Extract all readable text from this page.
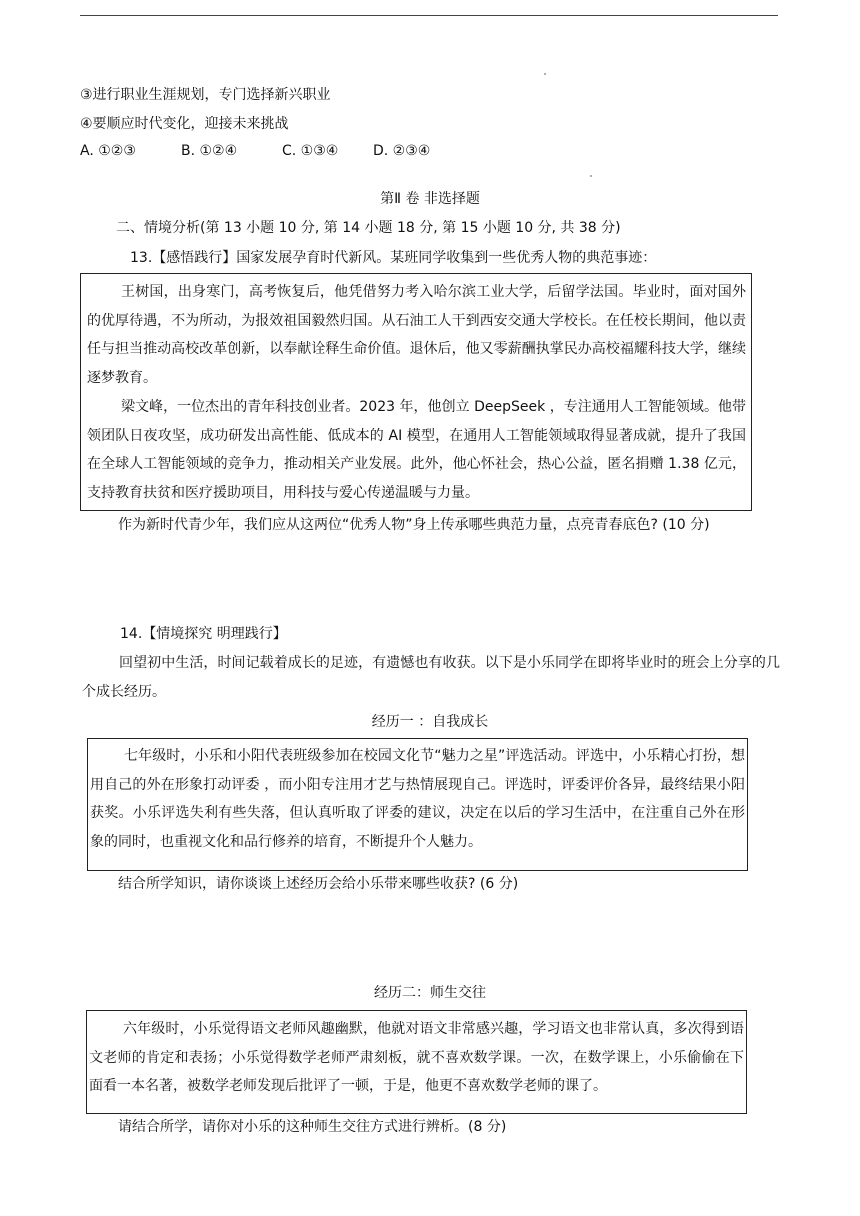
③进行职业生涯规划，专门选择新兴职业
④要顺应时代变化，迎接未来挑战
A. ①②③	B. ①②④	C. ①③④ D. ②③④
第Ⅱ 卷 非选择题
二、情境分析(第 13 小题 10 分, 第 14 小题 18 分, 第 15 小题 10 分, 共 38 分)
13.【感悟践行】国家发展孕育时代新风。某班同学收集到一些优秀人物的典范事迹：
王树国，出身寒门，高考恢复后，他凭借努力考入哈尔滨工业大学，后留学法国。毕业时，面对国外的优厚待遇，不为所动，为报效祖国毅然归国。从石油工人干到西安交通大学校长。在任校长期间，他以责任与担当推动高校改革创新，以奉献诠释生命价值。退休后，他又零薪酬执掌民办高校福耀科技大学，继续逐梦教育。
梁文峰，一位杰出的青年科技创业者。2023 年，他创立 DeepSeek ，专注通用人工智能领域。他带领团队日夜攻坚，成功研发出高性能、低成本的 AI 模型，在通用人工智能领域取得显著成就，提升了我国在全球人工智能领域的竞争力，推动相关产业发展。此外，他心怀社会，热心公益，匿名捐赠 1.38 亿元，支持教育扶贫和医疗援助项目，用科技与爱心传递温暖与力量。
作为新时代青少年，我们应从这两位“优秀人物”身上传承哪些典范力量，点亮青春底色? (10 分)
14.【情境探究 明理践行】
回望初中生活，时间记载着成长的足迹，有遗憾也有收获。以下是小乐同学在即将毕业时的班会上分享的几个成长经历。
经历一 ：自我成长
七年级时，小乐和小阳代表班级参加在校园文化节“魅力之星”评选活动。评选中，小乐精心打扮，想用自己的外在形象打动评委 ，而小阳专注用才艺与热情展现自己。评选时，评委评价各异，最终结果小阳获奖。小乐评选失利有些失落，但认真听取了评委的建议，决定在以后的学习生活中，在注重自己外在形象的同时，也重视文化和品行修养的培育，不断提升个人魅力。
结合所学知识，请你谈谈上述经历会给小乐带来哪些收获? (6 分)
经历二：师生交往
六年级时，小乐觉得语文老师风趣幽默，他就对语文非常感兴趣，学习语文也非常认真，多次得到语文老师的肯定和表扬；小乐觉得数学老师严肃刻板，就不喜欢数学课。一次，在数学课上，小乐偷偷在下面看一本名著，被数学老师发现后批评了一顿，于是，他更不喜欢数学老师的课了。
请结合所学，请你对小乐的这种师生交往方式进行辨析。(8 分)
